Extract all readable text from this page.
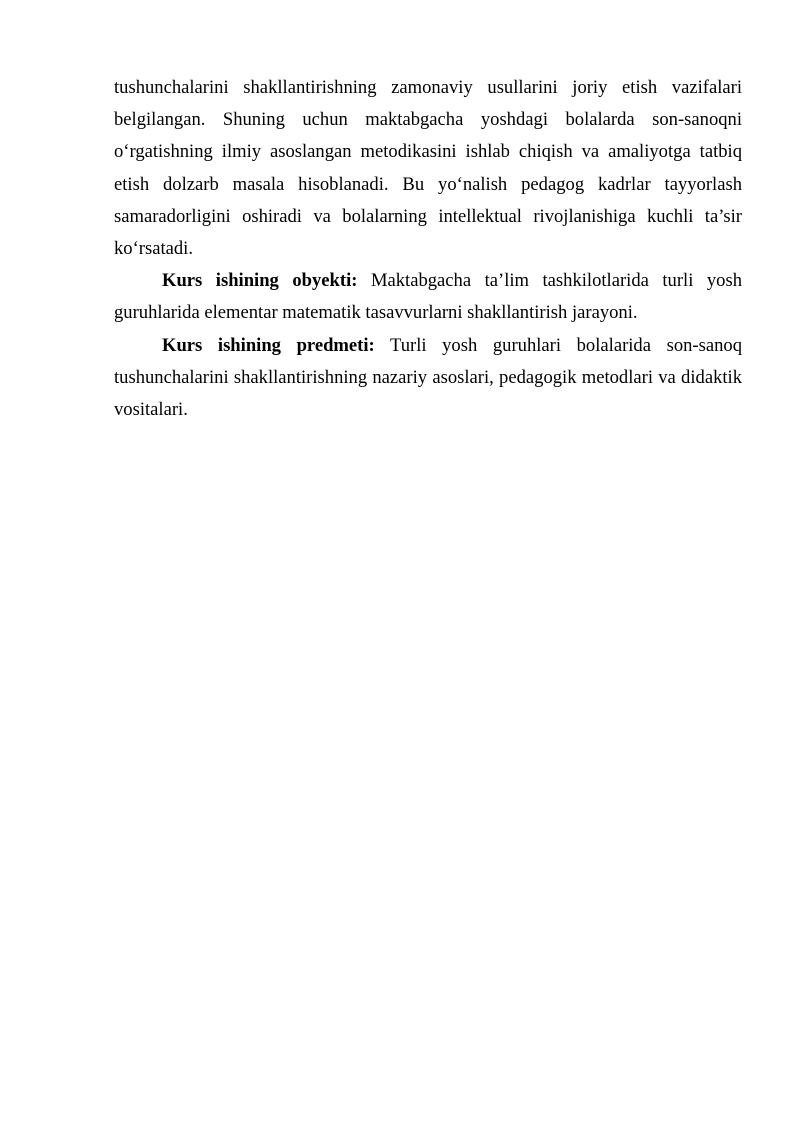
tushunchalarini shakllantirishning zamonaviy usullarini joriy etish vazifalari belgilangan. Shuning uchun maktabgacha yoshdagi bolalarda son-sanoqni o‘rgatishning ilmiy asoslangan metodikasini ishlab chiqish va amaliyotga tatbiq etish dolzarb masala hisoblanadi. Bu yo‘nalish pedagog kadrlar tayyorlash samaradorligini oshiradi va bolalarning intellektual rivojlanishiga kuchli ta’sir ko‘rsatadi.

Kurs ishining obyekti: Maktabgacha ta’lim tashkilotlarida turli yosh guruhlarida elementar matematik tasavvurlarni shakllantirish jarayoni.

Kurs ishining predmeti: Turli yosh guruhlari bolalarida son-sanoq tushunchalarini shakllantirishning nazariy asoslari, pedagogik metodlari va didaktik vositalari.
